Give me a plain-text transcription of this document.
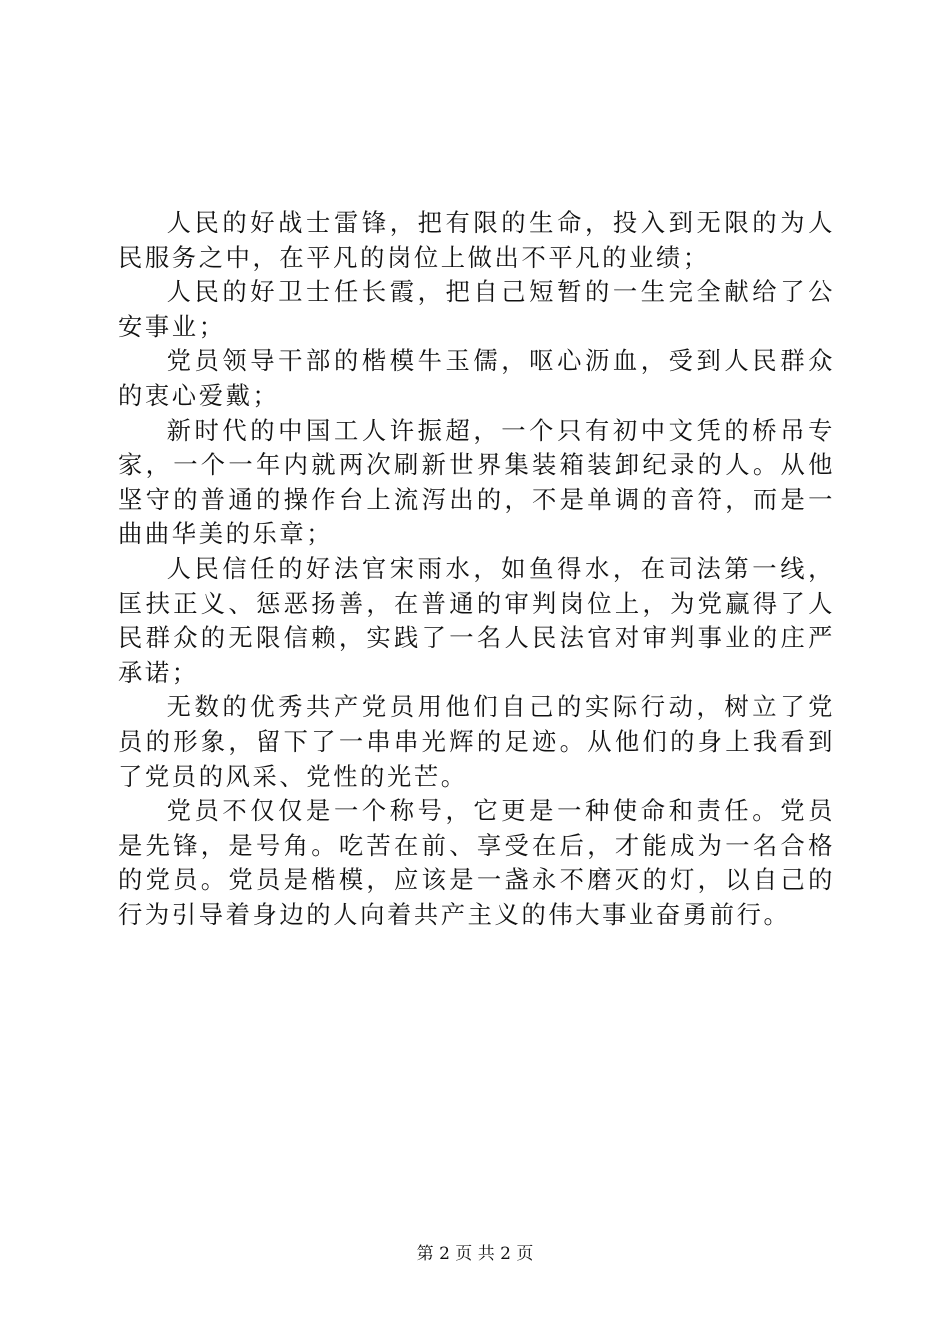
人民的好战士雷锋，把有限的生命，投入到无限的为人民服务之中，在平凡的岗位上做出不平凡的业绩；

人民的好卫士任长霞，把自己短暂的一生完全献给了公安事业；

党员领导干部的楷模牛玉儒，呕心沥血，受到人民群众的衷心爱戴；

新时代的中国工人许振超，一个只有初中文凭的桥吊专家，一个一年内就两次刷新世界集装箱装卸纪录的人。从他坚守的普通的操作台上流泻出的，不是单调的音符，而是一曲曲华美的乐章；

人民信任的好法官宋雨水，如鱼得水，在司法第一线，匡扶正义、惩恶扬善，在普通的审判岗位上，为党赢得了人民群众的无限信赖，实践了一名人民法官对审判事业的庄严承诺；

无数的优秀共产党员用他们自己的实际行动，树立了党员的形象，留下了一串串光辉的足迹。从他们的身上我看到了党员的风采、党性的光芒。

党员不仅仅是一个称号，它更是一种使命和责任。党员是先锋，是号角。吃苦在前、享受在后，才能成为一名合格的党员。党员是楷模，应该是一盏永不磨灭的灯，以自己的行为引导着身边的人向着共产主义的伟大事业奋勇前行。

第 2 页 共 2 页
